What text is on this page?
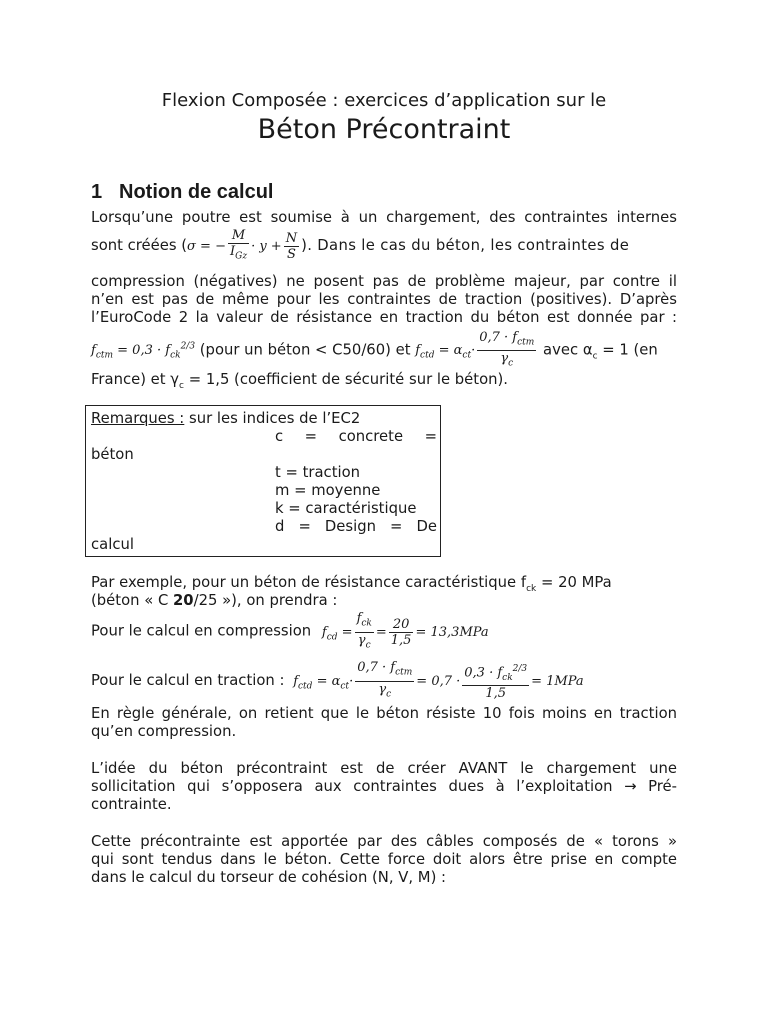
Flexion Composée : exercices d’application sur le
Béton Précontraint
1 Notion de calcul
Lorsqu’une poutre est soumise à un chargement, des contraintes internes
sont créées (σ = − $\frac{M}{I_{Gz}} \cdot y + \frac{N}{S}$ ). Dans le cas du béton, les contraintes de
compression (négatives) ne posent pas de problème majeur, par contre il
n’en est pas de même pour les contraintes de traction (positives). D’après
l’EuroCode 2 la valeur de résistance en traction du béton est donnée par :
$f_{ctm} = 0,3 \cdot f_{ck}^{2/3}$ (pour un béton < C50/60) et $f_{ctd} = \alpha_{ct}\cdot \frac{0,7 \cdot f_{ctm}}{\gamma_c}$ avec $\alpha_c = 1$ (en
France) et $\gamma_c = 1,5$ (coefficient de sécurité sur le béton).
Remarques : sur les indices de l’EC2
c = concrete =
béton
t = traction
m = moyenne
k = caractéristique
d = Design = De
calcul
Par exemple, pour un béton de résistance caractéristique $f_{ck} = 20$ MPa
(béton « C 20/25 »), on prendra :
Pour le calcul en compression $f_{cd} = \frac{f_{ck}}{\gamma_c} = \frac{20}{1,5} = 13,3MPa$
Pour le calcul en traction : $f_{ctd} = \alpha_{ct}\cdot \frac{0,7 \cdot f_{ctm}}{\gamma_c} = 0,7 \cdot \frac{0,3 \cdot f_{ck}^{2/3}}{1,5} = 1MPa$
En règle générale, on retient que le béton résiste 10 fois moins en traction
qu’en compression.
L’idée du béton précontraint est de créer AVANT le chargement une
sollicitation qui s’opposera aux contraintes dues à l’exploitation → Pré-
contrainte.
Cette précontrainte est apportée par des câbles composés de « torons »
qui sont tendus dans le béton. Cette force doit alors être prise en compte
dans le calcul du torseur de cohésion (N, V, M) :
